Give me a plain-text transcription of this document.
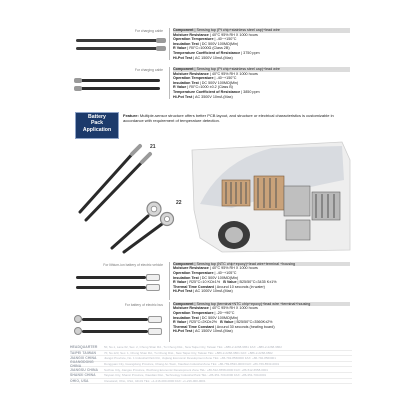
For charging cable	Component | Sensing top (Pt chip+stainless steel cap)+lead wire
Moisture Resistance | 40°C 95% RH X 1000 hours
Operation Temperature | -40~+150°C
Insulation Test | DC 500V 100MΩ(Min)
R Value | R0°C=1000Ω (Class 2B)
Temperature Coefficient of Resistance | 3750 ppm
Hi-Pot Test | AC 1500V 10mA (Max)
For charging cable	Component | Sensing top (Pt chip+stainless steel cap)+lead wire
Moisture Resistance | 40°C 95% RH X 1000 hours
Operation Temperature | -40~+150°C
Insulation Test | DC 500V 100MΩ(Min)
R Value | R0°C=1000 ±0.2 (Class B)
Temperature Coefficient of Resistance | 3850 ppm
Hi-Pot Test | AC 3500V 10mA (Max)
Battery
Pack
Application
Feature: Multiple-sensor structure offers better PCB layout, and structure or electrical characteristics is customizable in accordance with requirement of temperature detection.
21
22
For lithium-ion battery of electric vehicle	Component | Sensing top (NTC chip+epoxy)+lead wire+terminal +housing
Moisture Resistance | 40°C 95% RH X 1000 hours
Operation Temperature | -40~+105°C
Insulation Test | DC 500V 100MΩ(Min)
R Value | R25°C=10 KΩ±1% B Value | B25/50°C=3435 K±1%
Thermal Time Constant | Around 10 seconds (in water)
Hi-Pot Test | AC 1000V 10mA (Max)
For battery of electric bus	Component | Sensing top (terminal+NTC chip+epoxy)+lead wire +terminal+housing
Moisture Resistance | 40°C 95% RH X 1000 hours
Operation Temperature | -20~+90°C
Insulation Test | DC 500V 100MΩ(Min)
R Value | R25°C=2KΩ±2% B Value | B25/50°C=3560K±2%
Thermal Time Constant | Around 30 seconds (heating board)
Hi-Pot Test | AC 1500V 10mA (Max)
HEADQUARTER	5F, No.1, Lane 62, Sec. 2, Chung Shan Rd., Tu Cheng Dist., New Taipei City, Taiwan TEL: +886-2-2268-9861 FAX: +886-2-2268-9862
TAIPEI TAIWAN	7F, No.123, Sec. 1, Chung Shan Rd., Tu Cheng Dist., New Taipei City, Taiwan TEL: +886-2-2268-9861 FAX: +886-2-2268-9862
JIANGXI CHINA	Jiangxi Province, No. 1 Industrial Park Rd., Jiujiang Economic Development Zone TEL: +86-792-8560000 FAX: +86-792-8560001
GUANGDONG CHINA	Dongguan City, Guangdong Province, Chang An Town, Xiaobian Industrial Zone TEL: +86-769-8533-0000 FAX: +86-769-8533-0001
JIANGSU CHINA	Suzhou City, Jiangsu Province, Wuzhong Economic Development Zone TEL: +86-512-6558-0000 FAX: +86-512-6558-0001
SHANXI CHINA	Taiyuan City, Shanxi Province, Xiaodian Dist., Technology Industrial Park TEL: +86-351-700-0000 FAX: +86-351-700-0001
OHIO, USA	Cleveland, Ohio, USA, 44131 TEL: +1-216-000-0000 FAX: +1-216-000-0001
